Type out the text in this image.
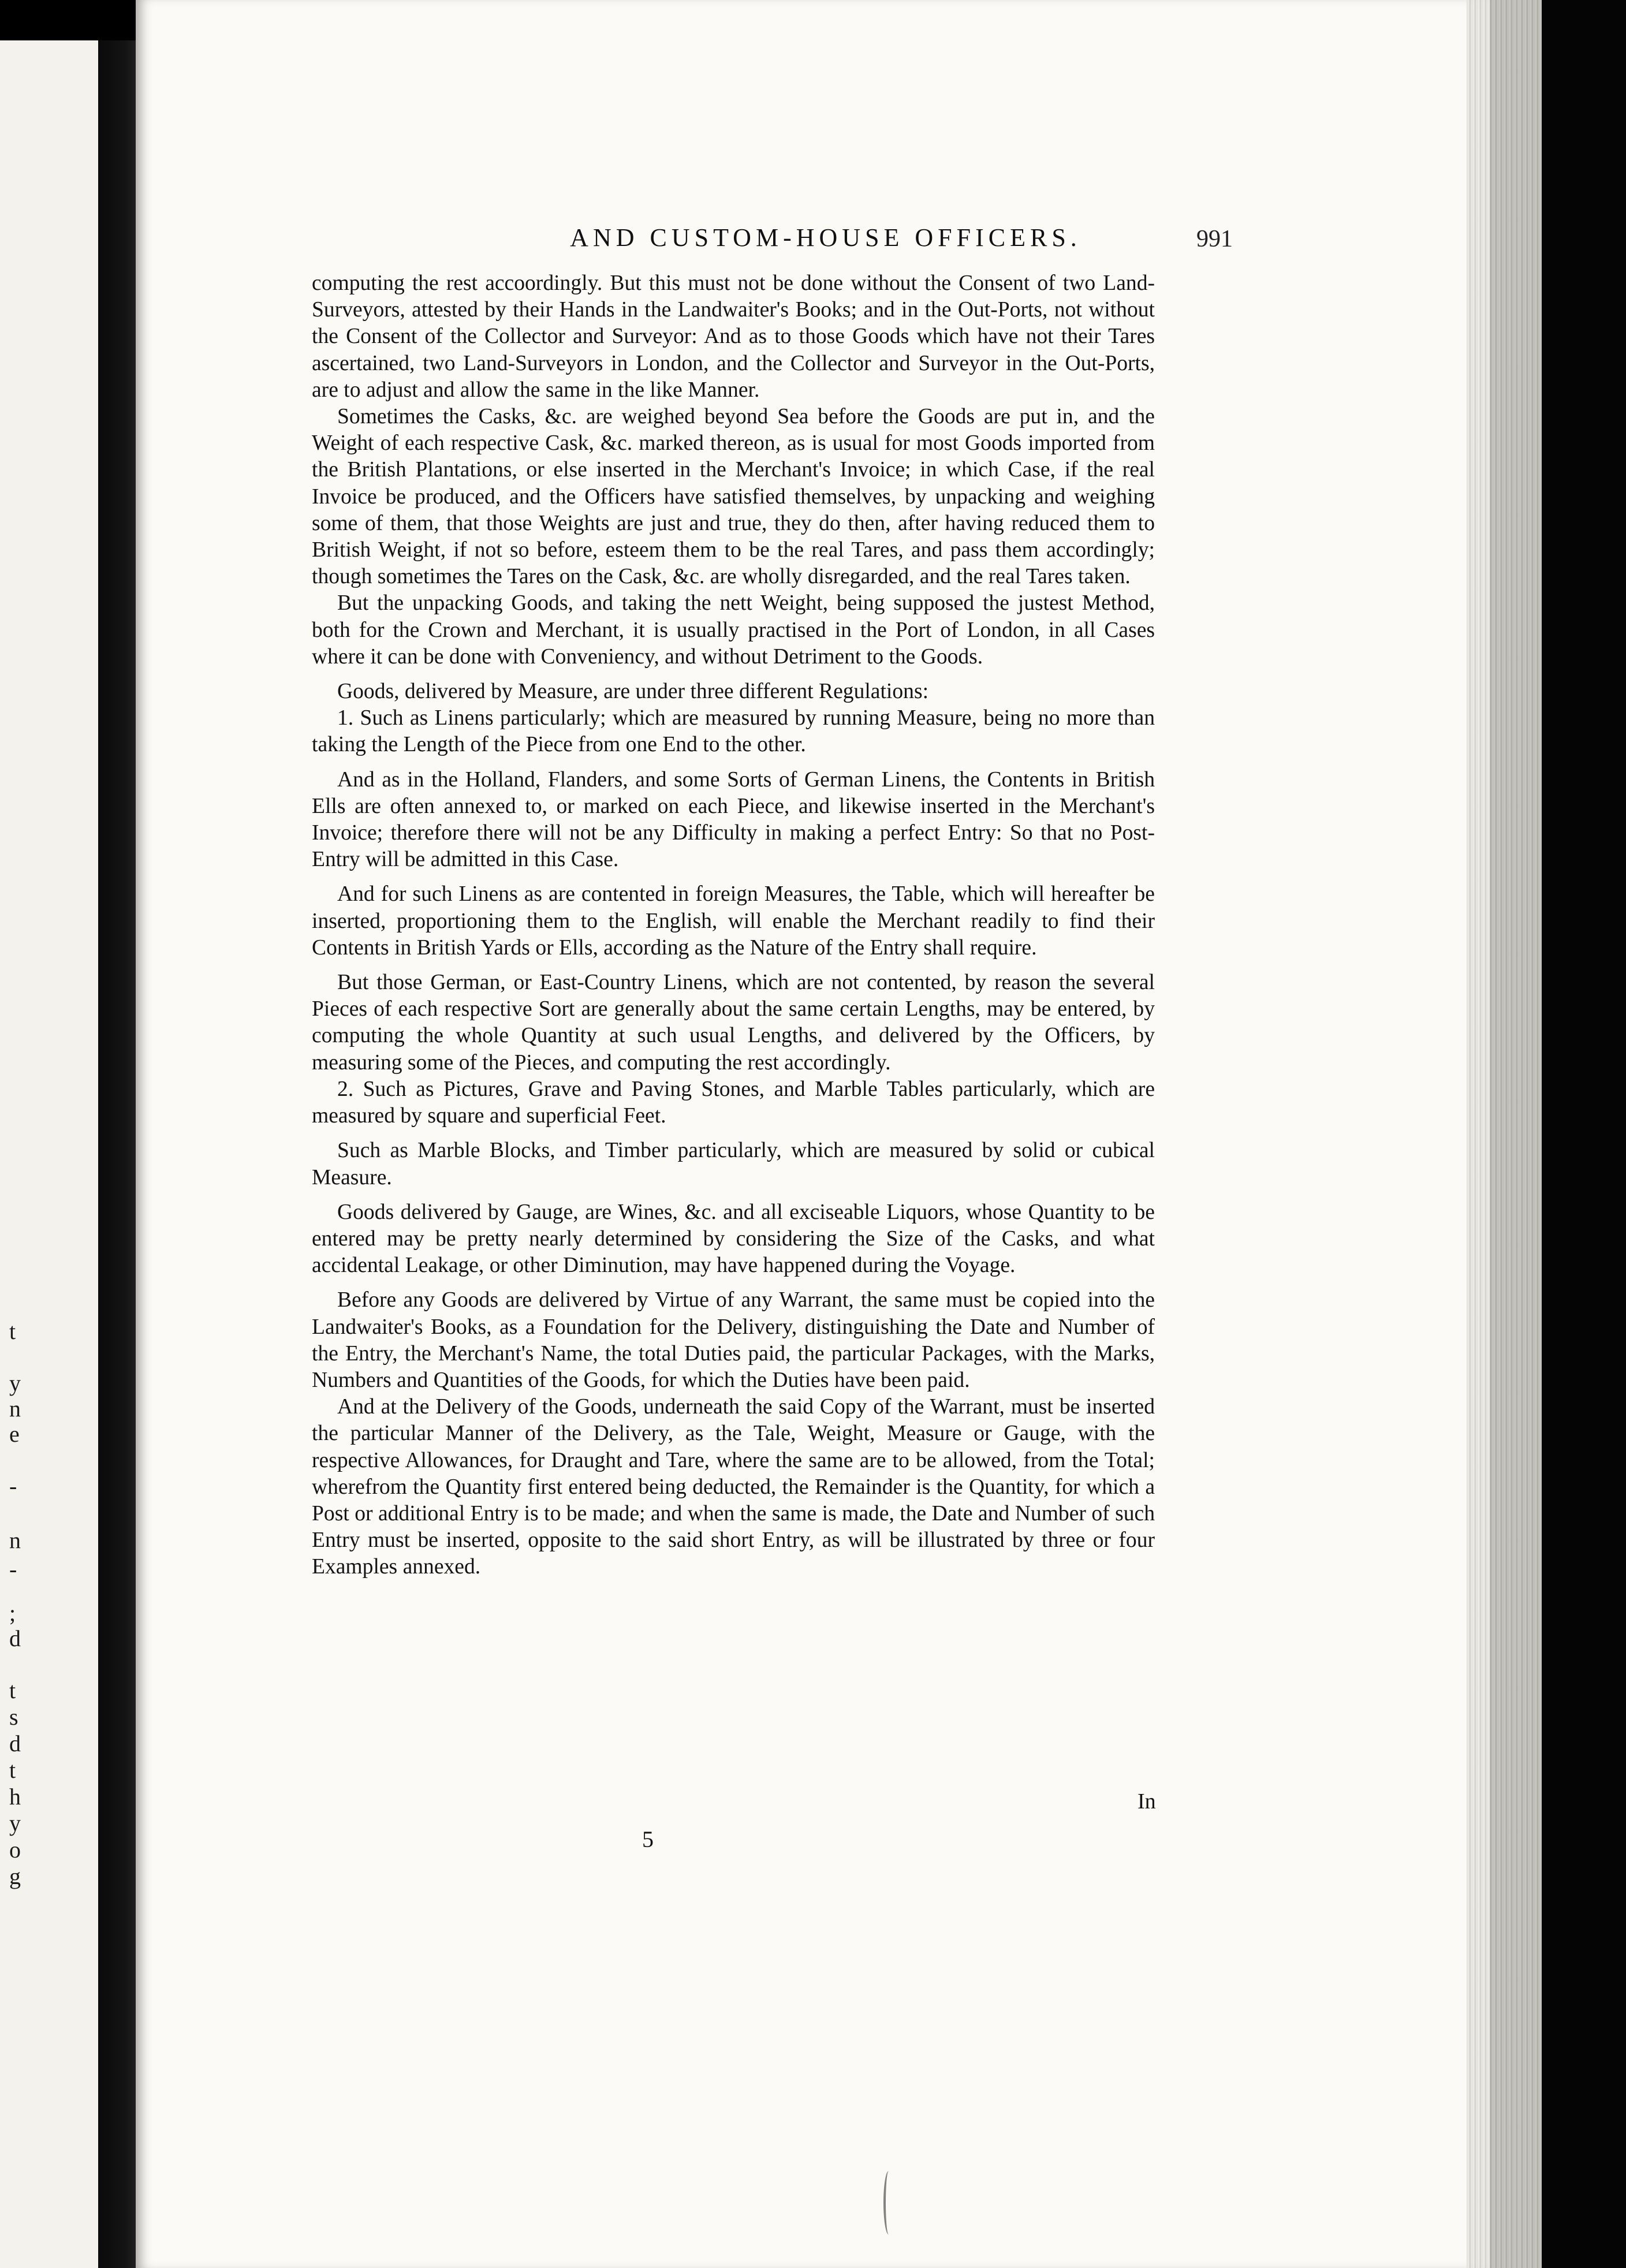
t
y
n
e
-
n
-
;
d
t
s
d
t
h
y
o
g
AND CUSTOM-HOUSE OFFICERS.	991

computing the rest accoordingly. But this must not be done without the Consent of two Land-Surveyors, attested by their Hands in the Landwaiter's Books; and in the Out-Ports, not without the Consent of the Collector and Surveyor: And as to those Goods which have not their Tares ascertained, two Land-Surveyors in London, and the Collector and Surveyor in the Out-Ports, are to adjust and allow the same in the like Manner.

Sometimes the Casks, &c. are weighed beyond Sea before the Goods are put in, and the Weight of each respective Cask, &c. marked thereon, as is usual for most Goods imported from the British Plantations, or else inserted in the Merchant's Invoice; in which Case, if the real Invoice be produced, and the Officers have satisfied themselves, by unpacking and weighing some of them, that those Weights are just and true, they do then, after having reduced them to British Weight, if not so before, esteem them to be the real Tares, and pass them accordingly; though sometimes the Tares on the Cask, &c. are wholly disregarded, and the real Tares taken.

But the unpacking Goods, and taking the nett Weight, being supposed the justest Method, both for the Crown and Merchant, it is usually practised in the Port of London, in all Cases where it can be done with Conveniency, and without Detriment to the Goods.

Goods, delivered by Measure, are under three different Regulations:

1. Such as Linens particularly; which are measured by running Measure, being no more than taking the Length of the Piece from one End to the other.

And as in the Holland, Flanders, and some Sorts of German Linens, the Contents in British Ells are often annexed to, or marked on each Piece, and likewise inserted in the Merchant's Invoice; therefore there will not be any Difficulty in making a perfect Entry: So that no Post-Entry will be admitted in this Case.

And for such Linens as are contented in foreign Measures, the Table, which will hereafter be inserted, proportioning them to the English, will enable the Merchant readily to find their Contents in British Yards or Ells, according as the Nature of the Entry shall require.

But those German, or East-Country Linens, which are not contented, by reason the several Pieces of each respective Sort are generally about the same certain Lengths, may be entered, by computing the whole Quantity at such usual Lengths, and delivered by the Officers, by measuring some of the Pieces, and computing the rest accordingly.

2. Such as Pictures, Grave and Paving Stones, and Marble Tables particularly, which are measured by square and superficial Feet.

Such as Marble Blocks, and Timber particularly, which are measured by solid or cubical Measure.

Goods delivered by Gauge, are Wines, &c. and all exciseable Liquors, whose Quantity to be entered may be pretty nearly determined by considering the Size of the Casks, and what accidental Leakage, or other Diminution, may have happened during the Voyage.

Before any Goods are delivered by Virtue of any Warrant, the same must be copied into the Landwaiter's Books, as a Foundation for the Delivery, distinguishing the Date and Number of the Entry, the Merchant's Name, the total Duties paid, the particular Packages, with the Marks, Numbers and Quantities of the Goods, for which the Duties have been paid.

And at the Delivery of the Goods, underneath the said Copy of the Warrant, must be inserted the particular Manner of the Delivery, as the Tale, Weight, Measure or Gauge, with the respective Allowances, for Draught and Tare, where the same are to be allowed, from the Total; wherefrom the Quantity first entered being deducted, the Remainder is the Quantity, for which a Post or additional Entry is to be made; and when the same is made, the Date and Number of such Entry must be inserted, opposite to the said short Entry, as will be illustrated by three or four Examples annexed.

In
5
